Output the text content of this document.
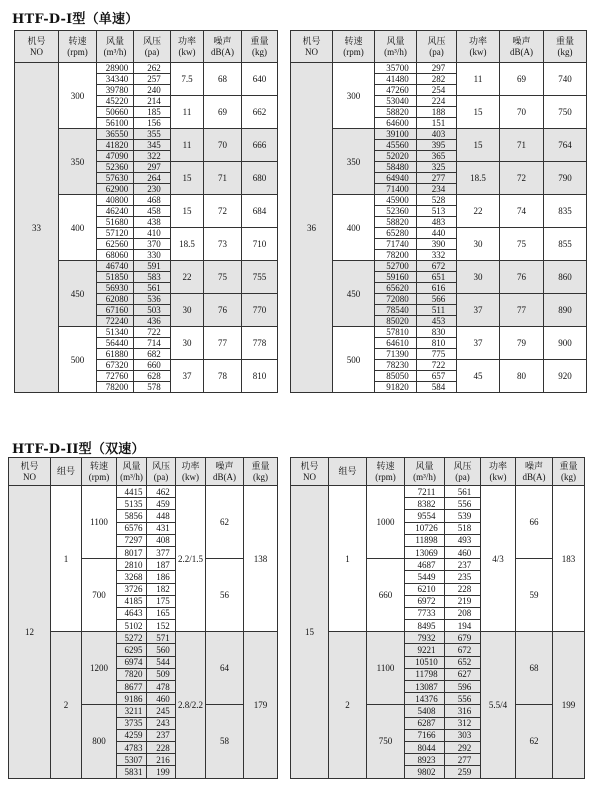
HTF-D-I型（单速）
机号
NO	转速
(rpm)	风量
(m³/h)	风压
(pa)	功率
(kw)	噪声
dB(A)	重量
(kg)

33	300	28900	262	7.5	68	640
		34340	257			
		39780	240			
		45220	214	11	69	662
		50660	185			
		56100	156			
	350	36550	355	11	70	666
		41820	345			
		47090	322			
		52360	297	15	71	680
		57630	264			
		62900	230			
	400	40800	468	15	72	684
		46240	458			
		51680	438			
		57120	410	18.5	73	710
		62560	370			
		68060	330			
	450	46740	591	22	75	755
		51850	583			
		56930	561			
		62080	536	30	76	770
		67160	503			
		72240	436			
	500	51340	722	30	77	778
		56440	714			
		61880	682			
		67320	660	37	78	810
		72760	628			
		78200	578			
机号
NO	转速
(rpm)	风量
(m³/h)	风压
(pa)	功率
(kw)	噪声
dB(A)	重量
(kg)

36	300	35700	297	11	69	740
		41480	282			
		47260	254			
		53040	224	15	70	750
		58820	188			
		64600	151			
	350	39100	403	15	71	764
		45560	395			
		52020	365			
		58480	325	18.5	72	790
		64940	277			
		71400	234			
	400	45900	528	22	74	835
		52360	513			
		58820	483			
		65280	440	30	75	855
		71740	390			
		78200	332			
	450	52700	672	30	76	860
		59160	651			
		65620	616			
		72080	566	37	77	890
		78540	511			
		85020	453			
	500	57810	830	37	79	900
		64610	810			
		71390	775			
		78230	722	45	80	920
		85050	657			
		91820	584			
HTF-D-II型（双速）
机号
NO	组号	转速
(rpm)	风量
(m³/h)	风压
(pa)	功率
(kw)	噪声
dB(A)	重量
(kg)

12	1	1100	4415	462	2.2/1.5	62	138
			5135	459			
			5856	448			
			6576	431			
			7297	408			
			8017	377			
		700	2810	187		56	
			3268	186			
			3726	182			
			4185	175			
			4643	165			
			5102	152			
	2	1200	5272	571	2.8/2.2	64	179
			6295	560			
			6974	544			
			7820	509			
			8677	478			
			9186	460			
		800	3211	245		58	
			3735	243			
			4259	237			
			4783	228			
			5307	216			
			5831	199			
机号
NO	组号	转速
(rpm)	风量
(m³/h)	风压
(pa)	功率
(kw)	噪声
dB(A)	重量
(kg)

15	1	1000	7211	561	4/3	66	183
			8382	556			
			9554	539			
			10726	518			
			11898	493			
			13069	460			
		660	4687	237		59	
			5449	235			
			6210	228			
			6972	219			
			7733	208			
			8495	194			
	2	1100	7932	679	5.5/4	68	199
			9221	672			
			10510	652			
			11798	627			
			13087	596			
			14376	556			
		750	5408	316		62	
			6287	312			
			7166	303			
			8044	292			
			8923	277			
			9802	259			
